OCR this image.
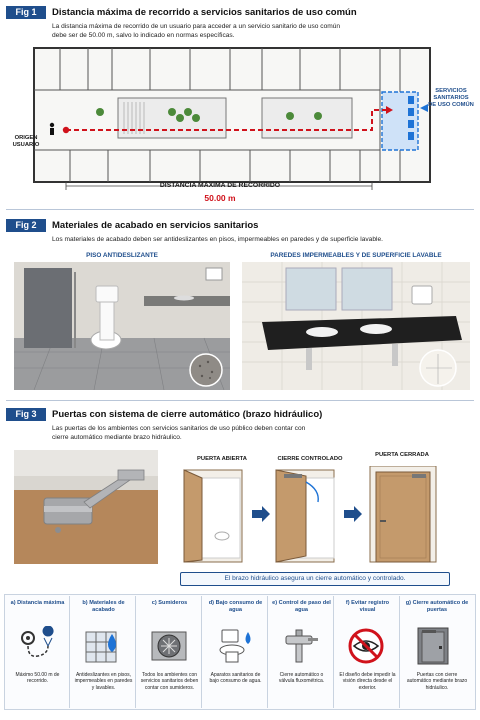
Fig 1	Distancia máxima de recorrido a servicios sanitarios de uso común
La distancia máxima de recorrido de un usuario para acceder a un servicio sanitario de uso común
debe ser de 50.00 m, salvo lo indicado en normas específicas.
ORIGEN
USUARIO
SERVICIOS
SANITARIOS
DE USO COMÚN
DISTANCIA MÁXIMA DE RECORRIDO
50.00 m
Fig 2	Materiales de acabado en servicios sanitarios
Los materiales de acabado deben ser antideslizantes en pisos, impermeables en paredes y de superficie lavable.
PISO ANTIDESLIZANTE	PAREDES IMPERMEABLES Y DE SUPERFICIE LAVABLE
Fig 3	Puertas con sistema de cierre automático (brazo hidráulico)
Las puertas de los ambientes con servicios sanitarios de uso público deben contar con
cierre automático mediante brazo hidráulico.
PUERTA ABIERTA	CIERRE CONTROLADO
PUERTA CERRADA
El brazo hidráulico asegura un cierre automático y controlado.
a) Distancia máxima
Máximo 50.00 m de recorrido.
b) Materiales de acabado
Antideslizantes en pisos, impermeables en paredes y lavables.
c) Sumideros
Todos los ambientes con servicios sanitarios deben contar con sumideros.
d) Bajo consumo de agua
Aparatos sanitarios de bajo consumo de agua.
e) Control de paso del agua
Cierre automático o válvula fluxométrica.
f) Evitar registro visual
El diseño debe impedir la visión directa desde el exterior.
g) Cierre automático de puertas
Puertas con cierre automático mediante brazo hidráulico.
